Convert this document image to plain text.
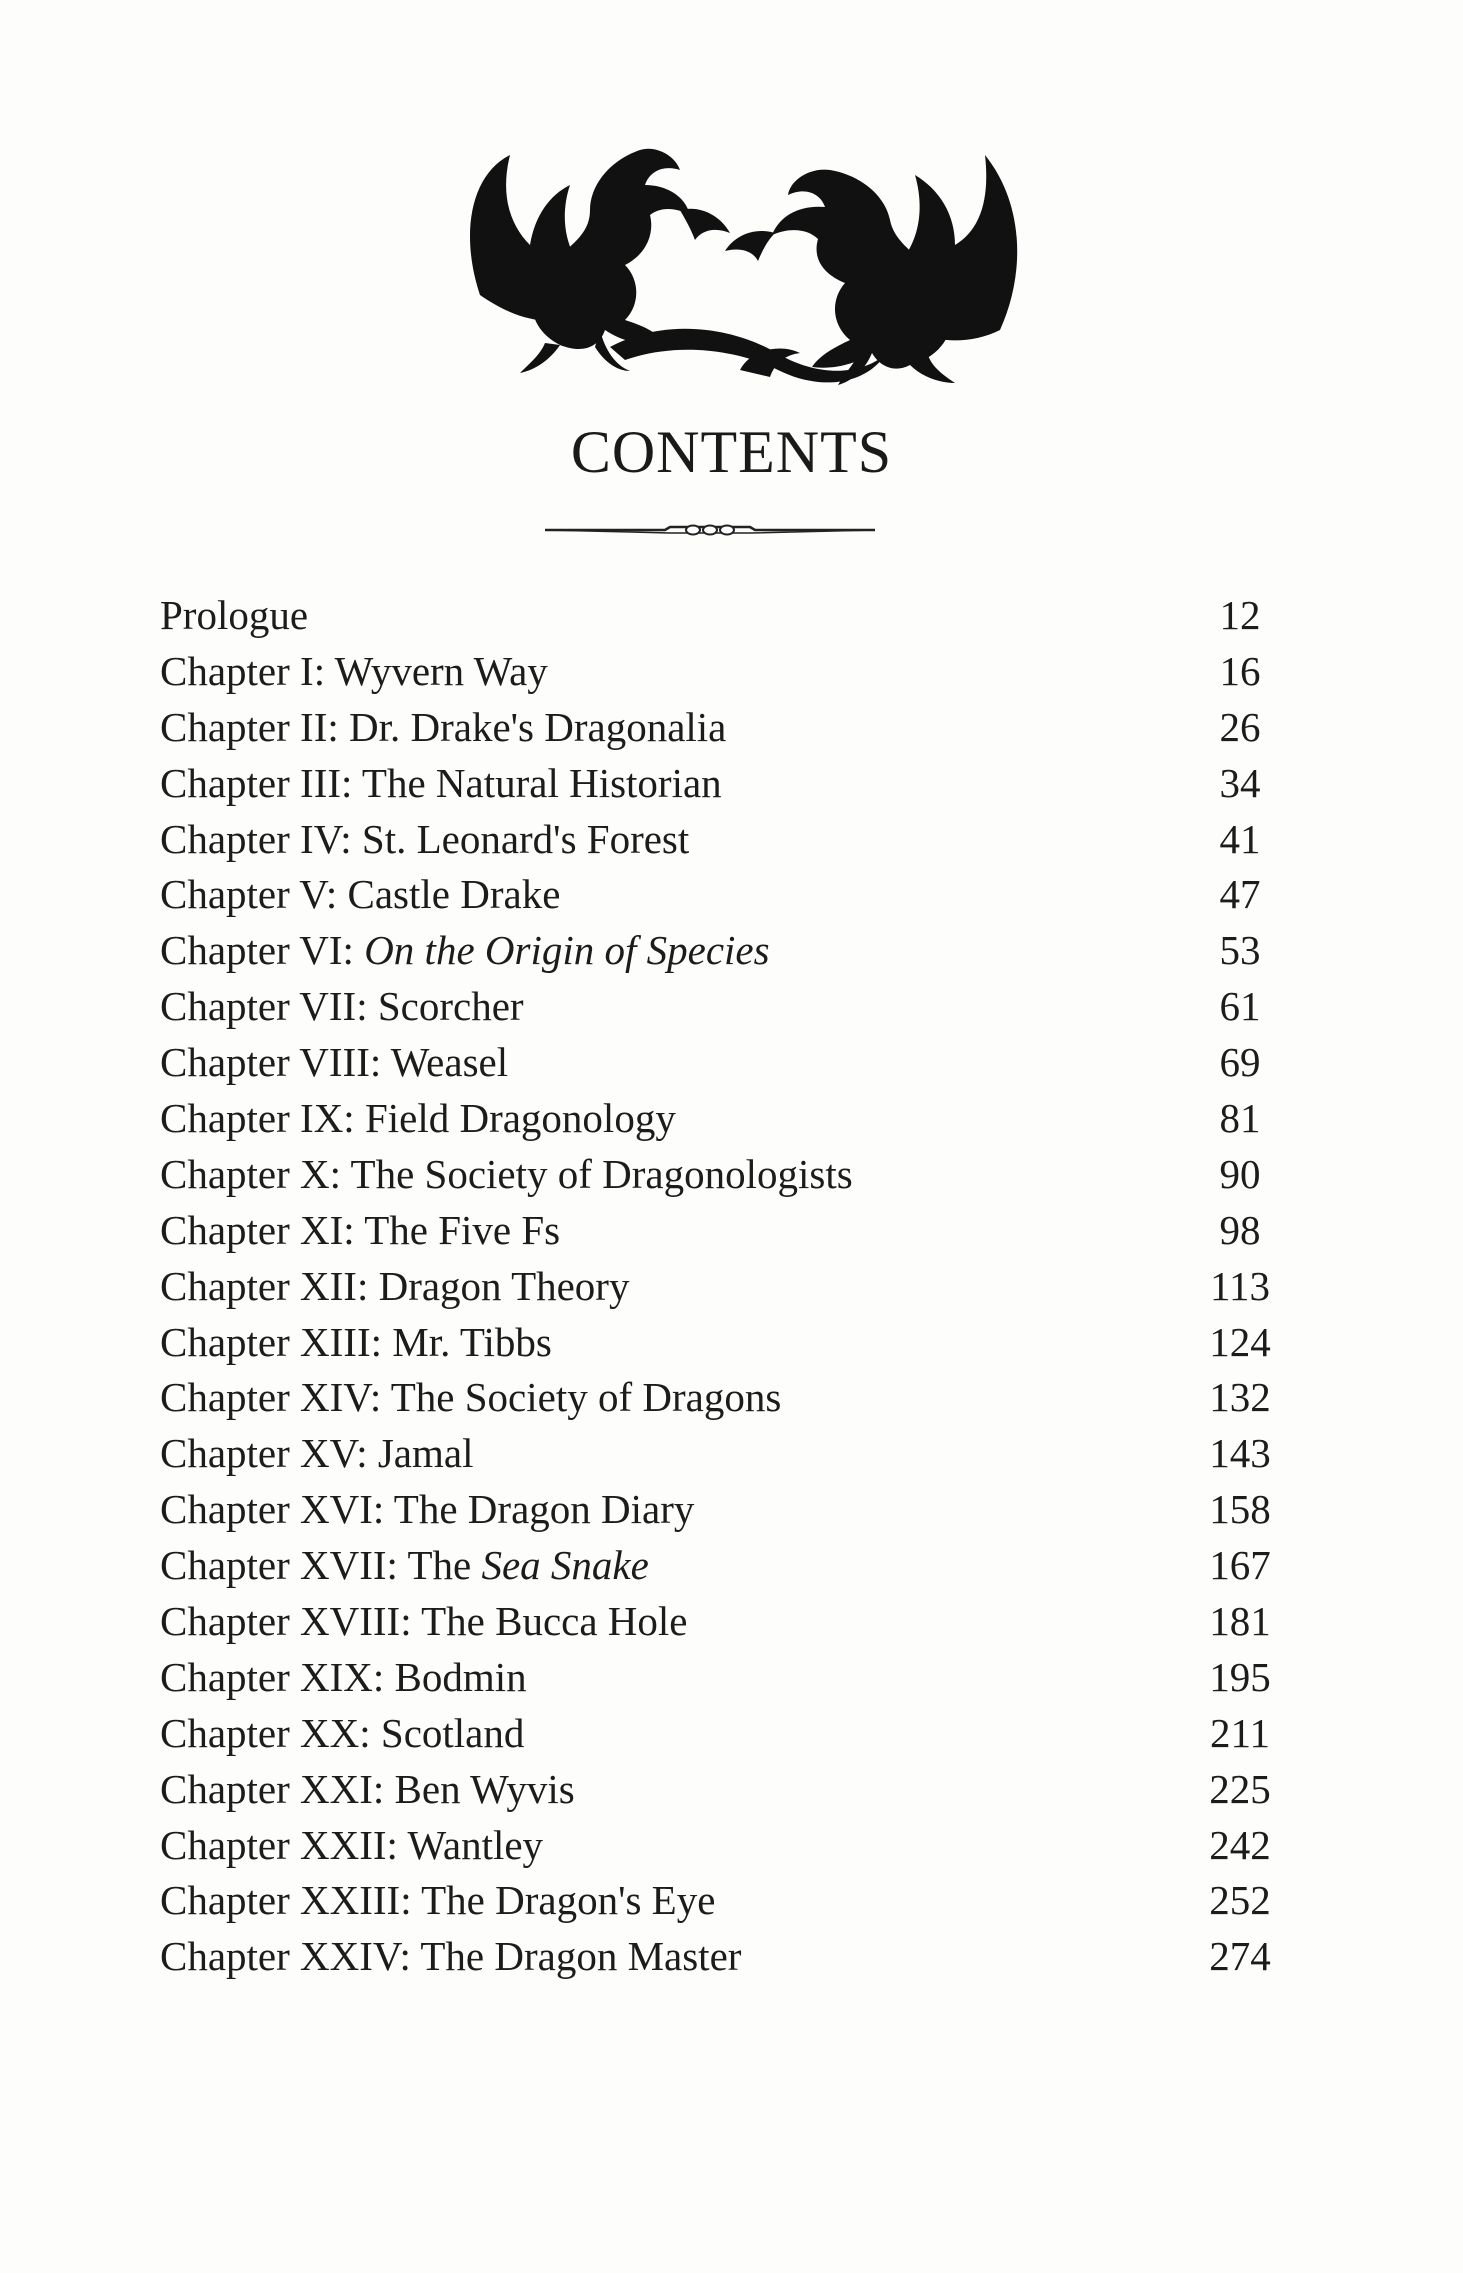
CONTENTS
Prologue	12
Chapter I: Wyvern Way	16
Chapter II: Dr. Drake's Dragonalia	26
Chapter III: The Natural Historian	34
Chapter IV: St. Leonard's Forest	41
Chapter V: Castle Drake	47
Chapter VI: On the Origin of Species	53
Chapter VII: Scorcher	61
Chapter VIII: Weasel	69
Chapter IX: Field Dragonology	81
Chapter X: The Society of Dragonologists	90
Chapter XI: The Five Fs	98
Chapter XII: Dragon Theory	113
Chapter XIII: Mr. Tibbs	124
Chapter XIV: The Society of Dragons	132
Chapter XV: Jamal	143
Chapter XVI: The Dragon Diary	158
Chapter XVII: The Sea Snake	167
Chapter XVIII: The Bucca Hole	181
Chapter XIX: Bodmin	195
Chapter XX: Scotland	211
Chapter XXI: Ben Wyvis	225
Chapter XXII: Wantley	242
Chapter XXIII: The Dragon's Eye	252
Chapter XXIV: The Dragon Master	274
